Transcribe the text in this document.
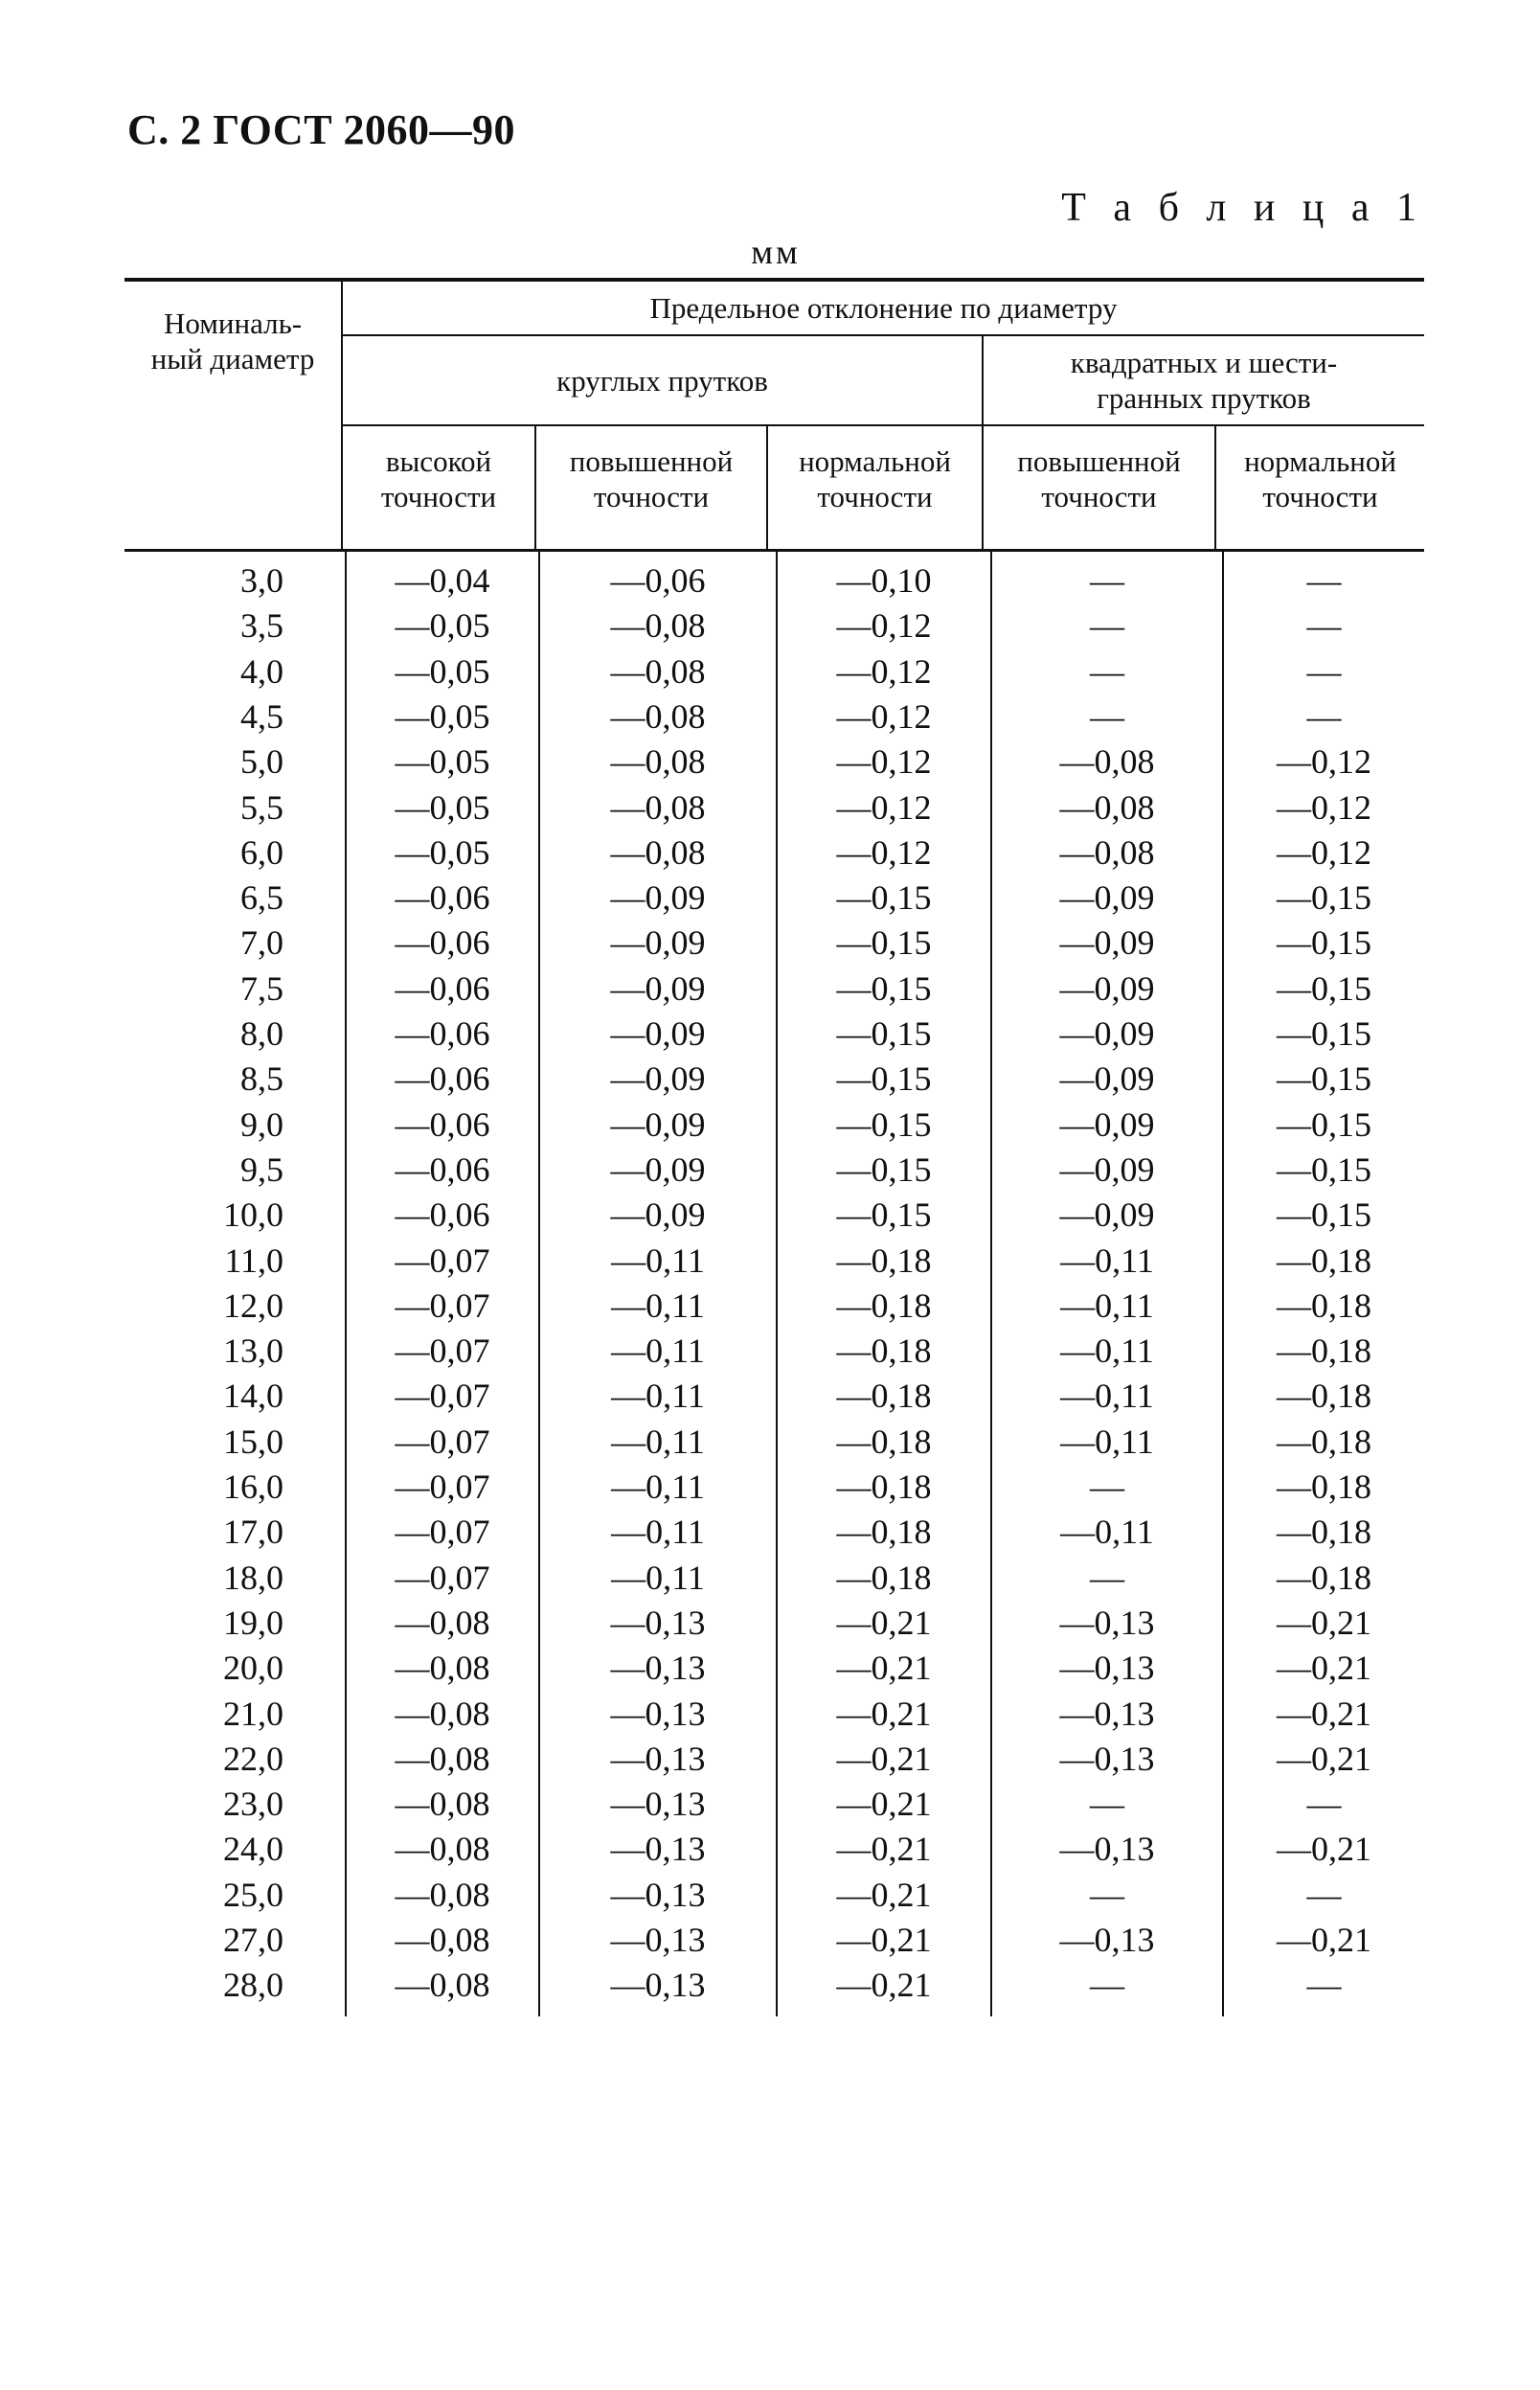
С. 2 ГОСТ 2060—90
Т а б л и ц а 1
мм
Номиналь-
ный диаметр
Предельное отклонение по диаметру
круглых прутков
квадратных и шести-
гранных прутков
высокой
точности
повышенной
точности
нормальной
точности
повышенной
точности
нормальной
точности
3,0	—0,04	—0,06	—0,10	—	—
3,5	—0,05	—0,08	—0,12	—	—
4,0	—0,05	—0,08	—0,12	—	—
4,5	—0,05	—0,08	—0,12	—	—
5,0	—0,05	—0,08	—0,12	—0,08	—0,12
5,5	—0,05	—0,08	—0,12	—0,08	—0,12
6,0	—0,05	—0,08	—0,12	—0,08	—0,12
6,5	—0,06	—0,09	—0,15	—0,09	—0,15
7,0	—0,06	—0,09	—0,15	—0,09	—0,15
7,5	—0,06	—0,09	—0,15	—0,09	—0,15
8,0	—0,06	—0,09	—0,15	—0,09	—0,15
8,5	—0,06	—0,09	—0,15	—0,09	—0,15
9,0	—0,06	—0,09	—0,15	—0,09	—0,15
9,5	—0,06	—0,09	—0,15	—0,09	—0,15
10,0	—0,06	—0,09	—0,15	—0,09	—0,15
11,0	—0,07	—0,11	—0,18	—0,11	—0,18
12,0	—0,07	—0,11	—0,18	—0,11	—0,18
13,0	—0,07	—0,11	—0,18	—0,11	—0,18
14,0	—0,07	—0,11	—0,18	—0,11	—0,18
15,0	—0,07	—0,11	—0,18	—0,11	—0,18
16,0	—0,07	—0,11	—0,18	—	—0,18
17,0	—0,07	—0,11	—0,18	—0,11	—0,18
18,0	—0,07	—0,11	—0,18	—	—0,18
19,0	—0,08	—0,13	—0,21	—0,13	—0,21
20,0	—0,08	—0,13	—0,21	—0,13	—0,21
21,0	—0,08	—0,13	—0,21	—0,13	—0,21
22,0	—0,08	—0,13	—0,21	—0,13	—0,21
23,0	—0,08	—0,13	—0,21	—	—
24,0	—0,08	—0,13	—0,21	—0,13	—0,21
25,0	—0,08	—0,13	—0,21	—	—
27,0	—0,08	—0,13	—0,21	—0,13	—0,21
28,0	—0,08	—0,13	—0,21	—	—
